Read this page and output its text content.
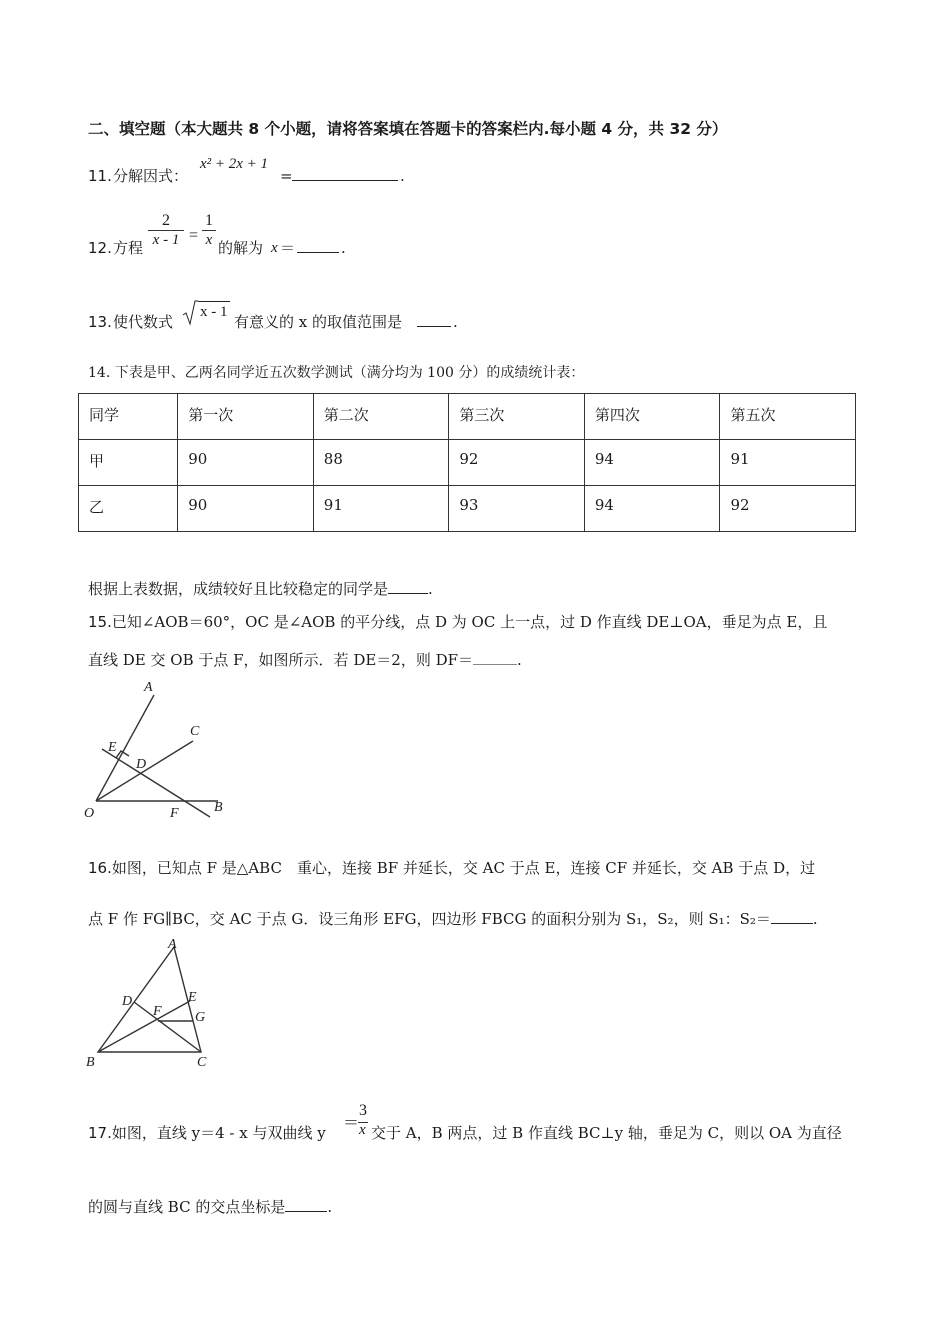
二、填空题（本大题共 8 个小题，请将答案填在答题卡的答案栏内.每小题 4 分，共 32 分）
11. 分解因式：
x² + 2x + 1
=	.
12. 方程
2
x - 1 =
1
x 的解为 x ＝	.
13. 使代数式
x - 1
有意义的 x 的取值范围是	.
14. 下表是甲、乙两名同学近五次数学测试（满分均为 100 分）的成绩统计表：
同学	第一次	第二次	第三次	第四次	第五次
甲	90	88	92	94	91
乙	90	91	93	94	92
根据上表数据，成绩较好且比较稳定的同学是	.
15.已知∠AOB＝60°，OC 是∠AOB 的平分线，点 D 为 OC 上一点，过 D 作直线 DE⊥OA，垂足为点 E，且
直线 DE 交 OB 于点 F，如图所示．若 DE＝2，则 DF＝	.
A
C
E
D
O	F	B
16.如图，已知点 F 是△ABC　重心，连接 BF 并延长，交 AC 于点 E，连接 CF 并延长，交 AB 于点 D，过
点 F 作 FG∥BC，交 AC 于点 G．设三角形 EFG，四边形 FBCG 的面积分别为 S₁，S₂，则 S₁：S₂＝	.
A
D	E
F G
B	C
17.如图，直线 y＝4 - x 与双曲线 y
＝
3
x 交于 A，B 两点，过 B 作直线 BC⊥y 轴，垂足为 C，则以 OA 为直径
的圆与直线 BC 的交点坐标是	.
